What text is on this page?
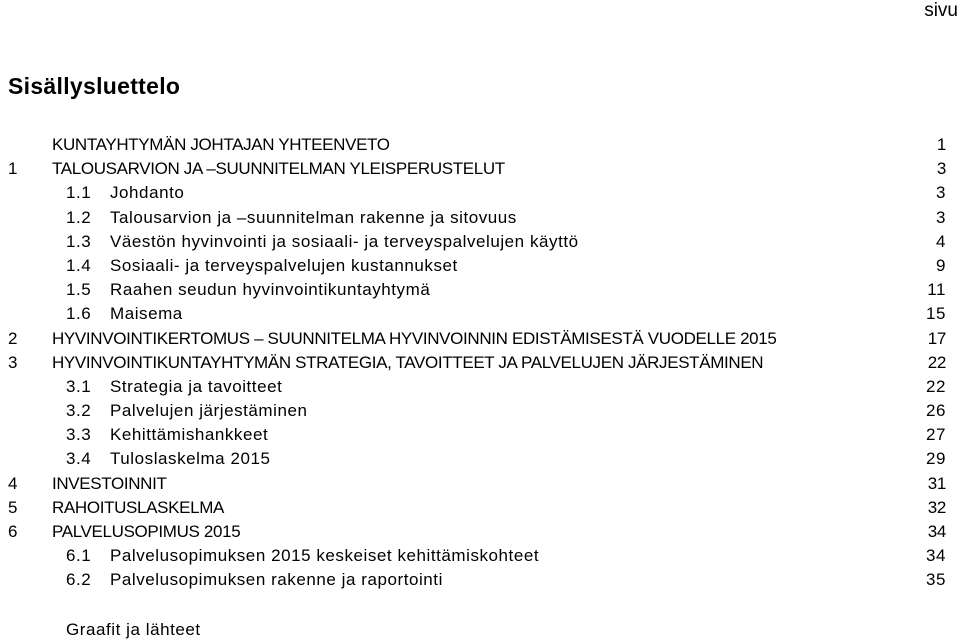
sivu
Sisällysluettelo
KUNTAYHTYMÄN JOHTAJAN YHTEENVETO	1
1 TALOUSARVION JA –SUUNNITELMAN YLEISPERUSTELUT	3
1.1 Johdanto	3
1.2 Talousarvion ja –suunnitelman rakenne ja sitovuus	3
1.3 Väestön hyvinvointi ja sosiaali- ja terveyspalvelujen käyttö	4
1.4 Sosiaali- ja terveyspalvelujen kustannukset	9
1.5 Raahen seudun hyvinvointikuntayhtymä	11
1.6 Maisema	15
2 HYVINVOINTIKERTOMUS – SUUNNITELMA HYVINVOINNIN EDISTÄMISESTÄ VUODELLE 2015	17
3 HYVINVOINTIKUNTAYHTYMÄN STRATEGIA, TAVOITTEET JA PALVELUJEN JÄRJESTÄMINEN	22
3.1 Strategia ja tavoitteet	22
3.2 Palvelujen järjestäminen	26
3.3 Kehittämishankkeet	27
3.4 Tuloslaskelma 2015	29
4 INVESTOINNIT	31
5 RAHOITUSLASKELMA	32
6 PALVELUSOPIMUS 2015	34
6.1 Palvelusopimuksen 2015 keskeiset kehittämiskohteet	34
6.2 Palvelusopimuksen rakenne ja raportointi	35
Graafit ja lähteet
